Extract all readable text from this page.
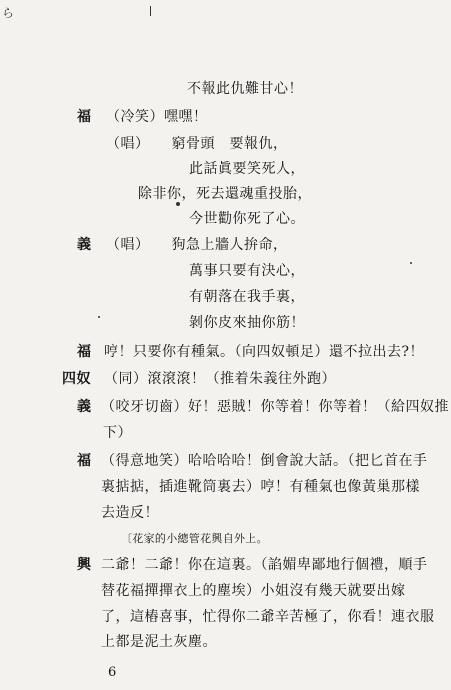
ら
不報此仇難甘心！
福 （冷笑）嘿嘿！
（唱）　　窮骨頭　要報仇，
此話眞要笑死人，
除非你，死去還魂重投胎，
今世勸你死了心。
義 （唱）　　狗急上牆人拚命，
萬事只要有決心，
有朝落在我手裏，
剝你皮來抽你筋！
福 哼！只要你有種氣。（向四奴頓足）還不拉出去?！
四奴 （同）滾滾滾！（推着朱義往外跑）
義 （咬牙切齒）好！惡賊！你等着！你等着！（給四奴推
下）
福 （得意地笑）哈哈哈哈！倒會說大話。（把匕首在手
裏掂掂，插進靴筒裏去）哼！有種氣也像黃巢那樣
去造反！
〔花家的小總管花興自外上。
興 二爺！二爺！你在這裏。（諂媚卑鄙地行個禮，順手
替花福撣撣衣上的塵埃）小姐沒有幾天就要出嫁
了，這樁喜事，忙得你二爺辛苦極了，你看！連衣服
上都是泥土灰塵。
6
